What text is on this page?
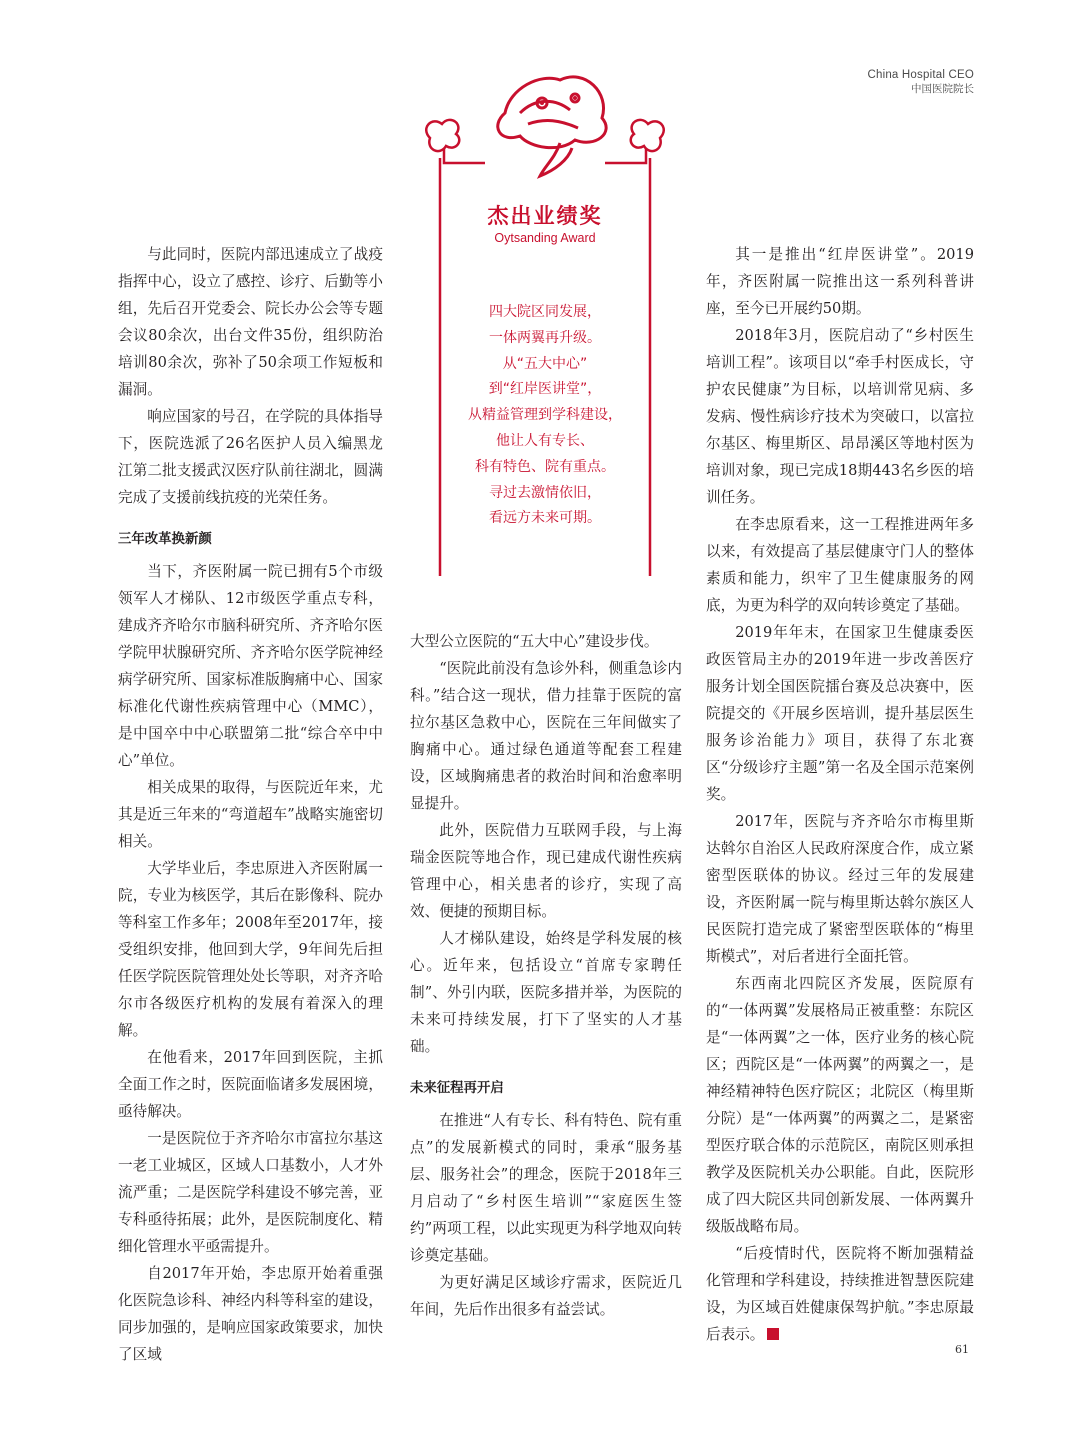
China Hospital CEO
中国医院院长
杰出业绩奖
Oytsanding Award
四大院区同发展，
一体两翼再升级。
从“五大中心”
到“红岸医讲堂”，
从精益管理到学科建设，
他让人有专长、
科有特色、院有重点。
寻过去激情依旧，
看远方未来可期。

与此同时，医院内部迅速成立了战疫指挥中心，设立了感控、诊疗、后勤等小组，先后召开党委会、院长办公会等专题会议80余次，出台文件35份，组织防治培训80余次，弥补了50余项工作短板和漏洞。

响应国家的号召，在学院的具体指导下，医院选派了26名医护人员入编黑龙江第二批支援武汉医疗队前往湖北，圆满完成了支援前线抗疫的光荣任务。

三年改革换新颜

当下，齐医附属一院已拥有5个市级领军人才梯队、12市级医学重点专科，建成齐齐哈尔市脑科研究所、齐齐哈尔医学院甲状腺研究所、齐齐哈尔医学院神经病学研究所、国家标准版胸痛中心、国家标准化代谢性疾病管理中心（MMC），是中国卒中中心联盟第二批“综合卒中中心”单位。

相关成果的取得，与医院近年来，尤其是近三年来的“弯道超车”战略实施密切相关。

大学毕业后，李忠原进入齐医附属一院，专业为核医学，其后在影像科、院办等科室工作多年；2008年至2017年，接受组织安排，他回到大学，9年间先后担任医学院医院管理处处长等职，对齐齐哈尔市各级医疗机构的发展有着深入的理解。

在他看来，2017年回到医院，主抓全面工作之时，医院面临诸多发展困境，亟待解决。

一是医院位于齐齐哈尔市富拉尔基这一老工业城区，区域人口基数小，人才外流严重；二是医院学科建设不够完善，亚专科亟待拓展；此外，是医院制度化、精细化管理水平亟需提升。

自2017年开始，李忠原开始着重强化医院急诊科、神经内科等科室的建设，同步加强的，是响应国家政策要求，加快了区域

大型公立医院的“五大中心”建设步伐。

“医院此前没有急诊外科，侧重急诊内科。”结合这一现状，借力挂靠于医院的富拉尔基区急救中心，医院在三年间做实了胸痛中心。通过绿色通道等配套工程建设，区域胸痛患者的救治时间和治愈率明显提升。

此外，医院借力互联网手段，与上海瑞金医院等地合作，现已建成代谢性疾病管理中心，相关患者的诊疗，实现了高效、便捷的预期目标。

人才梯队建设，始终是学科发展的核心。近年来，包括设立“首席专家聘任制”、外引内联，医院多措并举，为医院的未来可持续发展，打下了坚实的人才基础。

未来征程再开启

在推进“人有专长、科有特色、院有重点”的发展新模式的同时，秉承“服务基层、服务社会”的理念，医院于2018年三月启动了“乡村医生培训”“家庭医生签约”两项工程，以此实现更为科学地双向转诊奠定基础。

为更好满足区域诊疗需求，医院近几年间，先后作出很多有益尝试。

其一是推出“红岸医讲堂”。2019年，齐医附属一院推出这一系列科普讲座，至今已开展约50期。

2018年3月，医院启动了“乡村医生培训工程”。该项目以“牵手村医成长，守护农民健康”为目标，以培训常见病、多发病、慢性病诊疗技术为突破口，以富拉尔基区、梅里斯区、昂昂溪区等地村医为培训对象，现已完成18期443名乡医的培训任务。

在李忠原看来，这一工程推进两年多以来，有效提高了基层健康守门人的整体素质和能力，织牢了卫生健康服务的网底，为更为科学的双向转诊奠定了基础。

2019年年末，在国家卫生健康委医政医管局主办的2019年进一步改善医疗服务计划全国医院擂台赛及总决赛中，医院提交的《开展乡医培训，提升基层医生服务诊治能力》项目，获得了东北赛区“分级诊疗主题”第一名及全国示范案例奖。

2017年，医院与齐齐哈尔市梅里斯达斡尔自治区人民政府深度合作，成立紧密型医联体的协议。经过三年的发展建设，齐医附属一院与梅里斯达斡尔族区人民医院打造完成了紧密型医联体的“梅里斯模式”，对后者进行全面托管。

东西南北四院区齐发展，医院原有的“一体两翼”发展格局正被重整：东院区是“一体两翼”之一体，医疗业务的核心院区；西院区是“一体两翼”的两翼之一，是神经精神特色医疗院区；北院区（梅里斯分院）是“一体两翼”的两翼之二，是紧密型医疗联合体的示范院区，南院区则承担教学及医院机关办公职能。自此，医院形成了四大院区共同创新发展、一体两翼升级版战略布局。

“后疫情时代，医院将不断加强精益化管理和学科建设，持续推进智慧医院建设，为区域百姓健康保驾护航。”李忠原最后表示。

61
